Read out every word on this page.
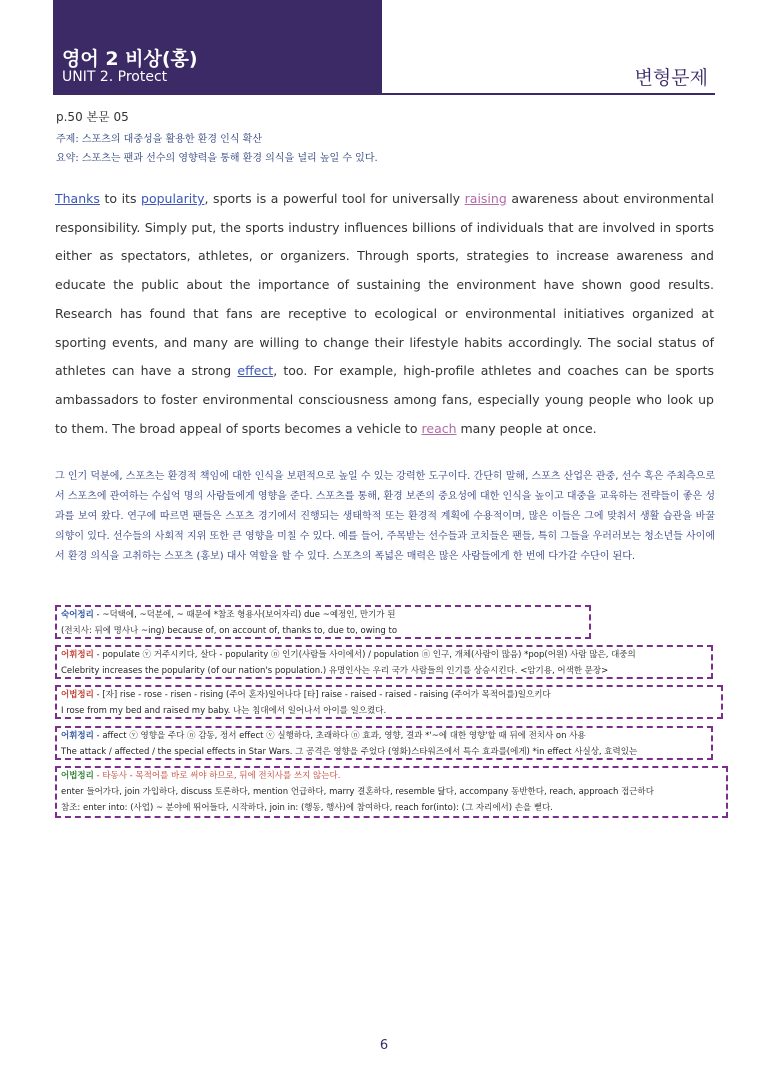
영어 2 비상(홍)
UNIT 2. Protect	변형문제
p.50 본문 05
주제: 스포츠의 대중성을 활용한 환경 인식 확산
요약: 스포츠는 팬과 선수의 영향력을 통해 환경 의식을 널리 높일 수 있다.
Thanks to its popularity, sports is a powerful tool for universally raising awareness about environmental responsibility. Simply put, the sports industry influences billions of individuals that are involved in sports either as spectators, athletes, or organizers. Through sports, strategies to increase awareness and educate the public about the importance of sustaining the environment have shown good results. Research has found that fans are receptive to ecological or environmental initiatives organized at sporting events, and many are willing to change their lifestyle habits accordingly. The social status of athletes can have a strong effect, too. For example, high-profile athletes and coaches can be sports ambassadors to foster environmental consciousness among fans, especially young people who look up to them. The broad appeal of sports becomes a vehicle to reach many people at once.
그 인기 덕분에, 스포츠는 환경적 책임에 대한 인식을 보편적으로 높일 수 있는 강력한 도구이다. 간단히 말해, 스포츠 산업은 관중, 선수 혹은 주최측으로서 스포츠에 관여하는 수십억 명의 사람들에게 영향을 준다. 스포츠를 통해, 환경 보존의 중요성에 대한 인식을 높이고 대중을 교육하는 전략들이 좋은 성과를 보여 왔다. 연구에 따르면 팬들은 스포츠 경기에서 진행되는 생태학적 또는 환경적 계획에 수용적이며, 많은 이들은 그에 맞춰서 생활 습관을 바꿀 의향이 있다. 선수들의 사회적 지위 또한 큰 영향을 미칠 수 있다. 예를 들어, 주목받는 선수들과 코치들은 팬들, 특히 그들을 우러러보는 청소년들 사이에서 환경 의식을 고취하는 스포츠 (홍보) 대사 역할을 할 수 있다. 스포츠의 폭넓은 매력은 많은 사람들에게 한 번에 다가갈 수단이 된다.
숙어정리 - ~덕택에, ~덕분에, ~ 때문에 *참조 형용사(보어자리) due ~예정인, 만기가 된
(전치사: 뒤에 명사나 ~ing) because of, on account of, thanks to, due to, owing to
어휘정리 - populate ⓥ 거주시키다, 살다 - popularity ⓝ 인기(사람들 사이에서) / population ⓝ 인구, 개체(사람이 많음) *pop(어원) 사람 많은, 대중의
Celebrity increases the popularity (of our nation's population.) 유명인사는 우리 국가 사람들의 인기를 상승시킨다. <암기용, 어색한 문장>
어법정리 - [자] rise - rose - risen - rising (주어 혼자)일어나다 [타] raise - raised - raised - raising (주어가 목적어를)일으키다
I rose from my bed and raised my baby. 나는 침대에서 일어나서 아이를 일으켰다.
어휘정리 - affect ⓥ 영향을 주다 ⓝ 감동, 정서 effect ⓥ 실행하다, 초래하다 ⓝ 효과, 영향, 결과 *'~에 대한 영향'할 때 뒤에 전치사 on 사용
The attack / affected / the special effects in Star Wars. 그 공격은 영향을 주었다 (영화)스타워즈에서 특수 효과를(에게) *in effect 사실상, 효력있는
어법정리 - 타동사 - 목적어를 바로 써야 하므로, 뒤에 전치사를 쓰지 않는다.
enter 들어가다, join 가입하다, discuss 토론하다, mention 언급하다, marry 결혼하다, resemble 닮다, accompany 동반한다, reach, approach 접근하다
참조: enter into: (사업) ~ 분야에 뛰어들다, 시작하다, join in: (행동, 행사)에 참여하다, reach for(into): (그 자리에서) 손을 뻗다.
6
